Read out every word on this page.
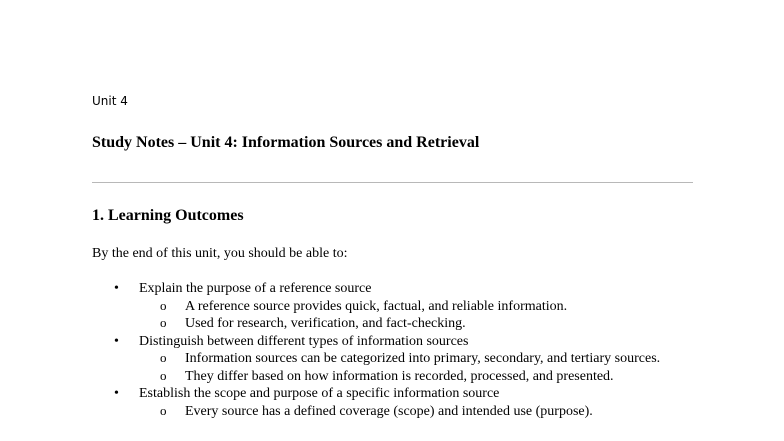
Unit 4
Study Notes – Unit 4: Information Sources and Retrieval
1. Learning Outcomes

By the end of this unit, you should be able to:

•	Explain the purpose of a reference source
o	A reference source provides quick, factual, and reliable information.
o	Used for research, verification, and fact-checking.
•	Distinguish between different types of information sources
o	Information sources can be categorized into primary, secondary, and tertiary sources.
o	They differ based on how information is recorded, processed, and presented.
•	Establish the scope and purpose of a specific information source
o	Every source has a defined coverage (scope) and intended use (purpose).
